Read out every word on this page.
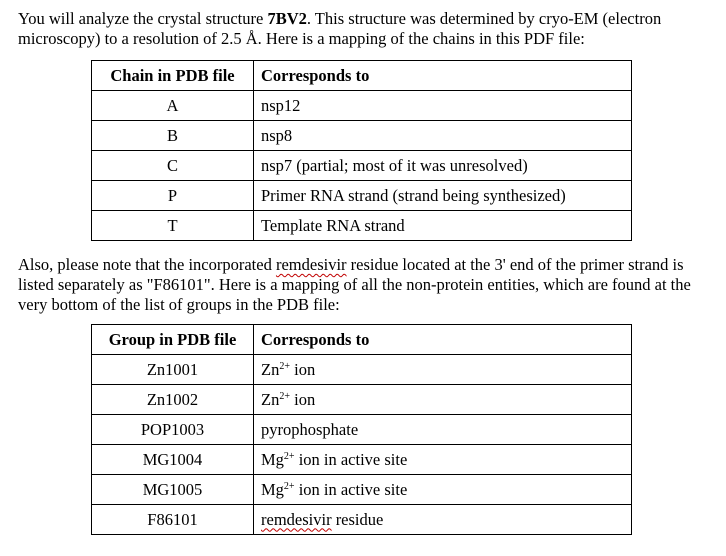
You will analyze the crystal structure 7BV2. This structure was determined by cryo-EM (electron microscopy) to a resolution of 2.5 Å. Here is a mapping of the chains in this PDF file:

Chain in PDB file	Corresponds to
A	nsp12
B	nsp8
C	nsp7 (partial; most of it was unresolved)
P	Primer RNA strand (strand being synthesized)
T	Template RNA strand

Also, please note that the incorporated remdesivir residue located at the 3' end of the primer strand is listed separately as "F86101". Here is a mapping of all the non-protein entities, which are found at the very bottom of the list of groups in the PDB file:

Group in PDB file	Corresponds to
Zn1001	$Zn^{2+}$ ion
Zn1002	$Zn^{2+}$ ion
POP1003	pyrophosphate
MG1004	$Mg^{2+}$ ion in active site
MG1005	$Mg^{2+}$ ion in active site
F86101	remdesivir residue
